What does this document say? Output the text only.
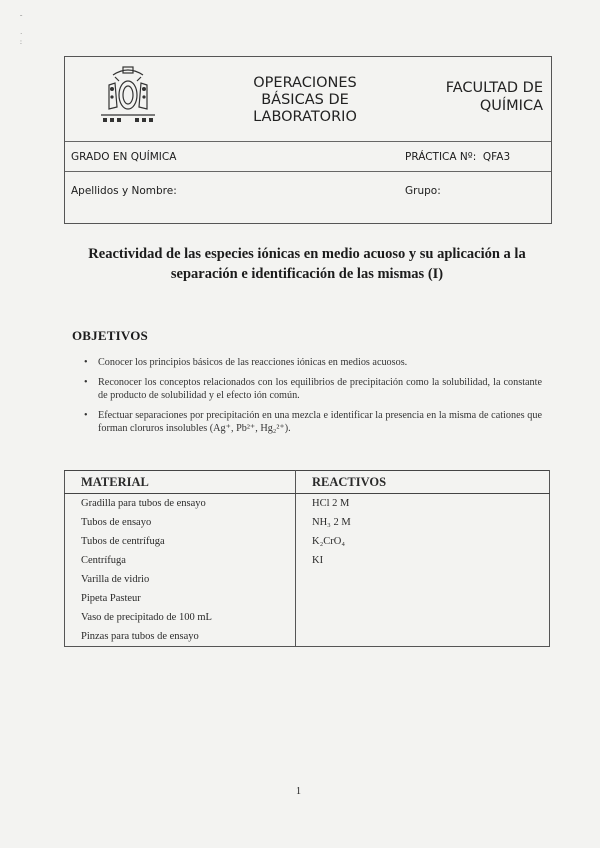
ˇ

·
:
OPERACIONES BÁSICAS DE LABORATORIO
FACULTAD DE QUÍMICA
GRADO EN QUÍMICA	PRÁCTICA Nº: QFA3
Apellidos y Nombre:	Grupo:
Reactividad de las especies iónicas en medio acuoso y su aplicación a la separación e identificación de las mismas (I)
OBJETIVOS
• Conocer los principios básicos de las reacciones iónicas en medios acuosos.
• Reconocer los conceptos relacionados con los equilibrios de precipitación como la solubilidad, la constante de producto de solubilidad y el efecto ión común.
• Efectuar separaciones por precipitación en una mezcla e identificar la presencia en la misma de cationes que forman cloruros insolubles (Ag⁺, Pb²⁺, Hg₂²⁺).
MATERIAL	REACTIVOS
Gradilla para tubos de ensayo	HCl 2 M
Tubos de ensayo	NH₃ 2 M
Tubos de centrífuga	K₂CrO₄
Centrífuga	KI
Varilla de vidrio	
Pipeta Pasteur	
Vaso de precipitado de 100 mL	
Pinzas para tubos de ensayo	
1
